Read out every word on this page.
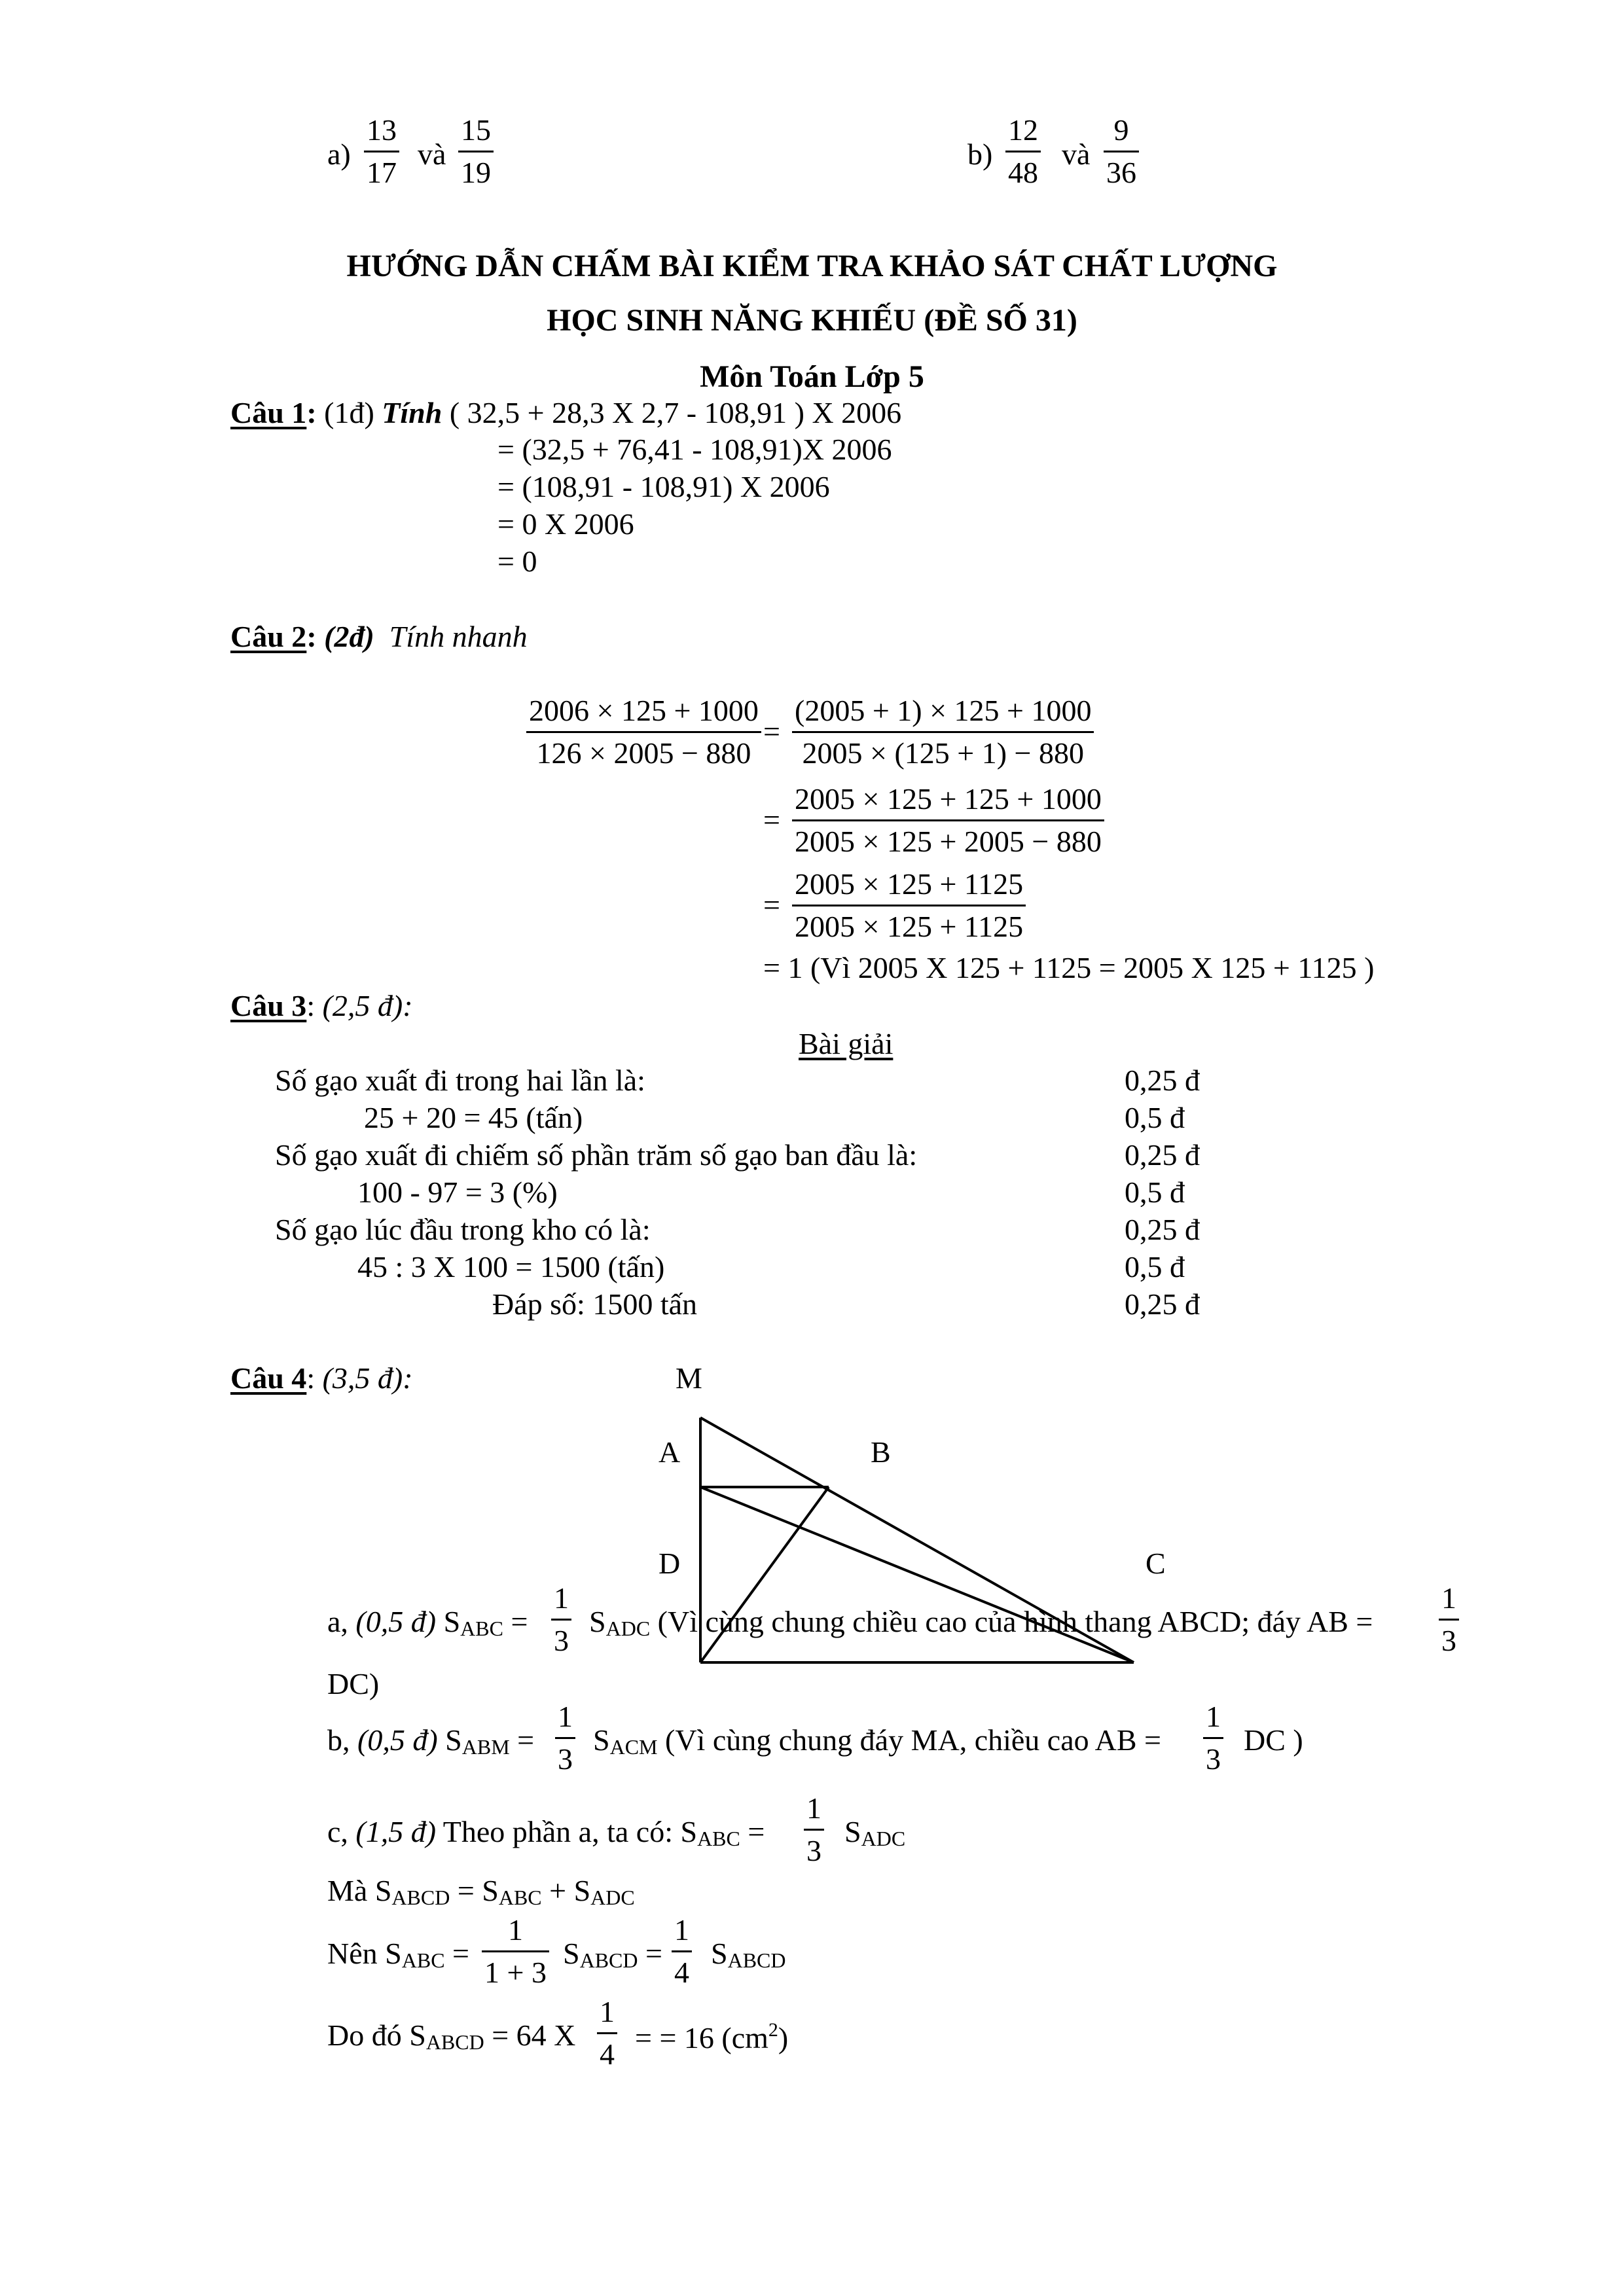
a)
13
17
và
15
19
b)
12
48
và
9
36
HƯỚNG DẪN CHẤM BÀI KIỂM TRA KHẢO SÁT CHẤT LƯỢNG
HỌC SINH NĂNG KHIẾU (ĐỀ SỐ 31)
Môn Toán Lớp 5
Câu 1: (1đ) Tính ( 32,5 + 28,3 X 2,7 - 108,91 ) X 2006
= (32,5 + 76,41 - 108,91)X 2006
= (108,91 - 108,91) X 2006
= 0 X 2006
= 0
Câu 2: (2đ) Tính nhanh
2006 × 125 + 1000
126 × 2005 − 880
=
(2005 + 1) × 125 + 1000
2005 × (125 + 1) − 880
=
2005 × 125 + 125 + 1000
2005 × 125 + 2005 − 880
=
2005 × 125 + 1125
2005 × 125 + 1125
= 1 (Vì 2005 X 125 + 1125 = 2005 X 125 + 1125 )
Câu 3: (2,5 đ):
Bài giải
Số gạo xuất đi trong hai lần là:	0,25 đ
25 + 20 = 45 (tấn)	0,5 đ
Số gạo xuất đi chiếm số phần trăm số gạo ban đầu là:	0,25 đ
100 - 97 = 3 (%)	0,5 đ
Số gạo lúc đầu trong kho có là:	0,25 đ
45 : 3 X 100 = 1500 (tấn)	0,5 đ
Đáp số: 1500 tấn	0,25 đ
Câu 4: (3,5 đ):	M
A	B
D	C
a, (0,5 đ) $S_{ABC}$ =
1
3
$S_{ADC}$ (Vì cùng chung chiều cao của hình thang ABCD; đáy AB =
1
3
DC)
b, (0,5 đ) $S_{ABM}$ =
1
3
$S_{ACM}$ (Vì cùng chung đáy MA, chiều cao AB =
1
3
DC )
c, (1,5 đ) Theo phần a, ta có: $S_{ABC}$ =
1
3
$S_{ADC}$
Mà $S_{ABCD} = S_{ABC} + S_{ADC}$
Nên $S_{ABC}$ =
1
1 + 3
$S_{ABCD}$ =
1
4
$S_{ABCD}$
Do đó $S_{ABCD} = 64$ X
1
4 = = 16 $(cm^2)$
